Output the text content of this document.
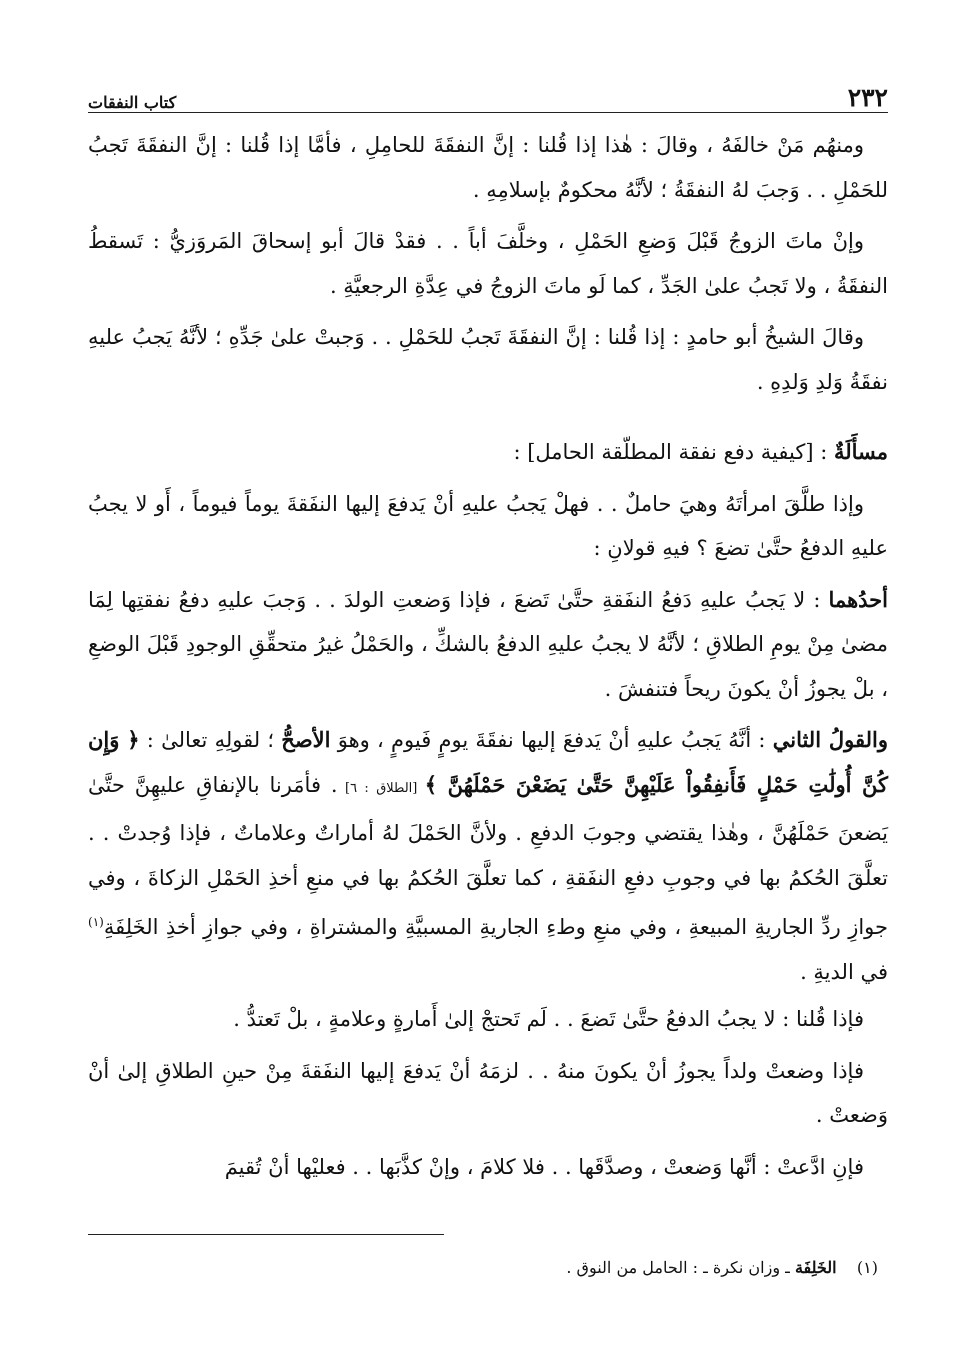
٢٣٢
كتاب النفقات

ومنهُم مَنْ خالفَهُ ، وقالَ : هٰذا إذا قُلنا : إنَّ النفقَةَ للحامِلِ ، فأمَّا إذا قُلنا : إنَّ النفقَةَ تَجبُ للحَمْلِ . . وَجبَ لهُ النفقَةُ ؛ لأنَّهُ محكومٌ بإسلامِهِ .

وإنْ ماتَ الزوجُ قَبْلَ وَضعِ الحَمْلِ ، وخلَّفَ أباً . . فقدْ قالَ أبو إسحاقَ المَروَزيُّ : تَسقطُ النفقَةُ ، ولا تَجبُ علىٰ الجَدِّ ، كما لَو ماتَ الزوجُ في عِدَّةِ الرجعيَّةِ .

وقالَ الشيخُ أبو حامدٍ : إذا قُلنا : إنَّ النفقَةَ تَجبُ للحَمْلِ . . وَجبتْ علىٰ جَدِّهِ ؛ لأنَّهُ يَجبُ عليهِ نفقَةُ وَلدِ وَلدِهِ .

مسأَلَةٌ : [كيفية دفع نفقة المطلّقة الحامل] :

وإذا طلَّقَ امرأتَهُ وهيَ حاملٌ . . فهلْ يَجبُ عليهِ أنْ يَدفعَ إليها النفَقةَ يوماً فيوماً ، أَو لا يجبُ عليهِ الدفعُ حتَّىٰ تضعَ ؟ فيهِ قولانِ :

أحدُهما : لا يَجبُ عليهِ دَفعُ النفَقةِ حتَّىٰ تَضعَ ، فإذا وَضعتِ الولدَ . . وَجبَ عليهِ دفعُ نفقتِها لِمَا مضىٰ مِنْ يومِ الطلاقِ ؛ لأنَّهُ لا يجبُ عليهِ الدفعُ بالشكِّ ، والحَمْلُ غيرُ متحقِّقِ الوجودِ قَبْلَ الوضعِ ، بلْ يجوزُ أنْ يكونَ ريحاً فتنفشَ .

والقولُ الثاني : أنَّهُ يَجبُ عليهِ أنْ يَدفعَ إليها نفقَةَ يومٍ فَيومٍ ، وهوَ الأصحُّ ؛ لقولِهِ تعالىٰ : ﴿ وَإِن كُنَّ أُولَٰتِ حَمْلٍ فَأَنفِقُواْ عَلَيْهِنَّ حَتَّىٰ يَضَعْنَ حَمْلَهُنَّ ﴾ [الطلاق : ٦] . فأمَرنا بالإنفاقِ عليهِنَّ حتَّىٰ يَضعنَ حَمْلَهُنَّ ، وهٰذا يقتضي وجوبَ الدفعِ . ولأنَّ الحَمْلَ لهُ أماراتٌ وعلاماتٌ ، فإذا وُجدتْ . . تعلَّقَ الحُكمُ بها في وجوبِ دفعِ النفَقةِ ، كما تعلَّقَ الحُكمُ بها في منعِ أخذِ الحَمْلِ الزكاةَ ، وفي جوازِ ردِّ الجاريةِ المبيعةِ ، وفي منعِ وطءِ الجاريةِ المسبيَّةِ والمشتراةِ ، وفي جوازِ أخذِ الخَلِفَةِ$^{(١)}$ في الديةِ .

فإذا قُلنا : لا يجبُ الدفعُ حتَّىٰ تَضعَ . . لَم تَحتجْ إلىٰ أَمارةٍ وعلامةٍ ، بلْ تَعتدُّ .

فإذا وضعتْ ولداً يجوزُ أنْ يكونَ منهُ . . لزمَهُ أنْ يَدفعَ إليها النفَقةَ مِنْ حينِ الطلاقِ إلىٰ أنْ وَضعتْ .

فإنِ ادَّعتْ : أنَّها وَضعتْ ، وصدَّقَها . . فلا كلامَ ، وإنْ كذَّبَها . . فعليْها أنْ تُقيمَ

(١)    الخَلِفَة ـ وزان نكرة ـ : الحامل من النوق .
